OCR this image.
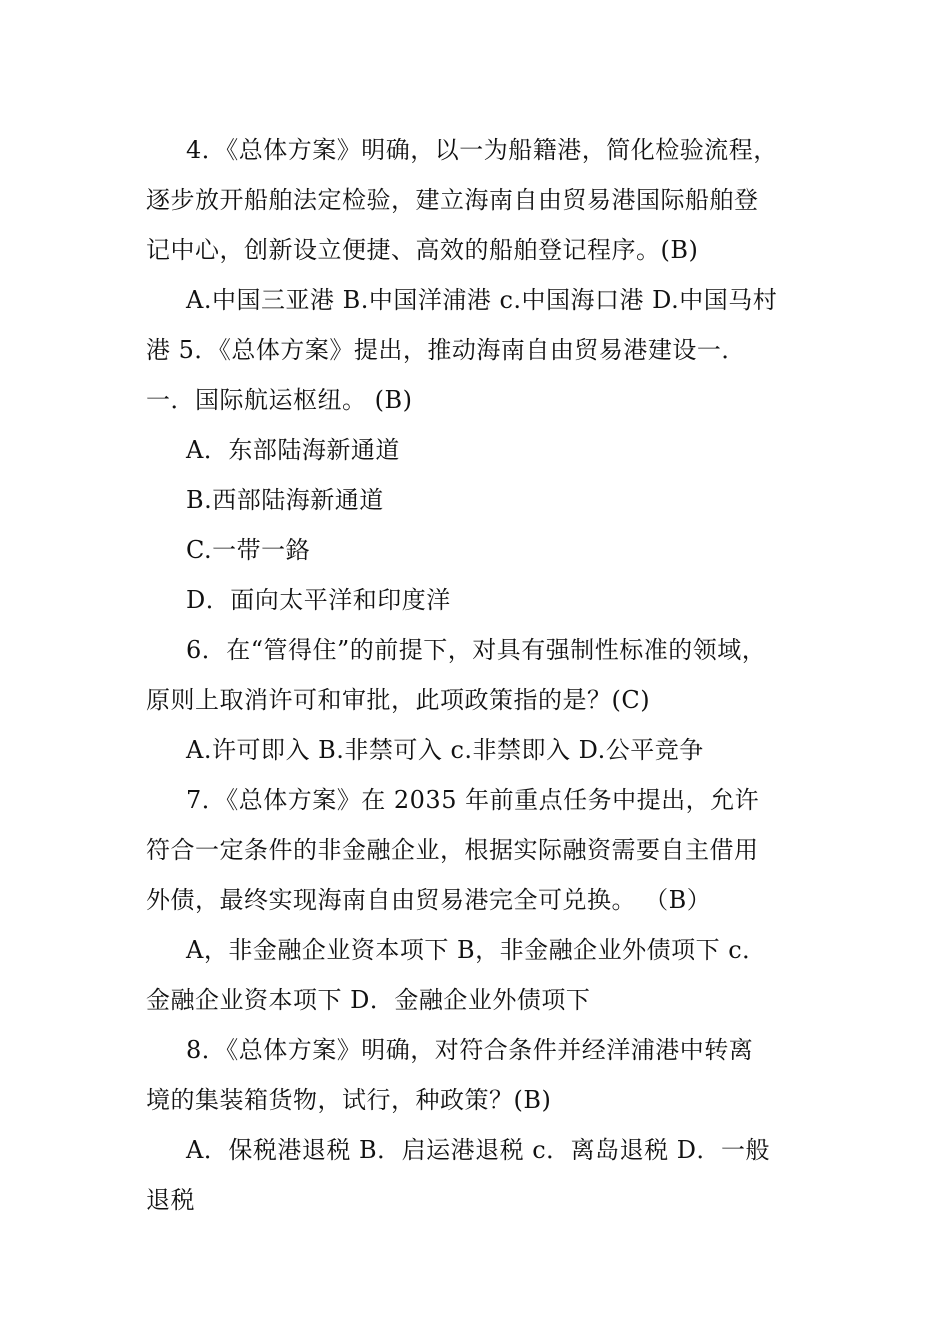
4．《总体方案》明确，以一为船籍港，简化检验流程，
逐步放开船舶法定检验，建立海南自由贸易港国际船舶登
记中心，创新设立便捷、高效的船舶登记程序。(B)
A.中国三亚港 B.中国洋浦港 c.中国海口港 D.中国马村
港 5．《总体方案》提出，推动海南自由贸易港建设一．
一．国际航运枢纽。 (B)
A．东部陆海新通道
B.西部陆海新通道
C.一带一鉻
D．面向太平洋和印度洋
6．在“管得住”的前提下，对具有强制性标准的领域，
原则上取消许可和审批，此项政策指的是？(C)
A.许可即入 B.非禁可入 c.非禁即入 D.公平竞争
7．《总体方案》在 2035 年前重点任务中提出，允许
符合一定条件的非金融企业，根据实际融资需要自主借用
外债，最终实现海南自由贸易港完全可兑换。 （B）
A，非金融企业资本项下 B，非金融企业外债项下 c．
金融企业资本项下 D．金融企业外债项下
8．《总体方案》明确，对符合条件并经洋浦港中转离
境的集装箱货物，试行，种政策？(B)
A．保税港退税 B．启运港退税 c．离岛退税 D．一般
退税
